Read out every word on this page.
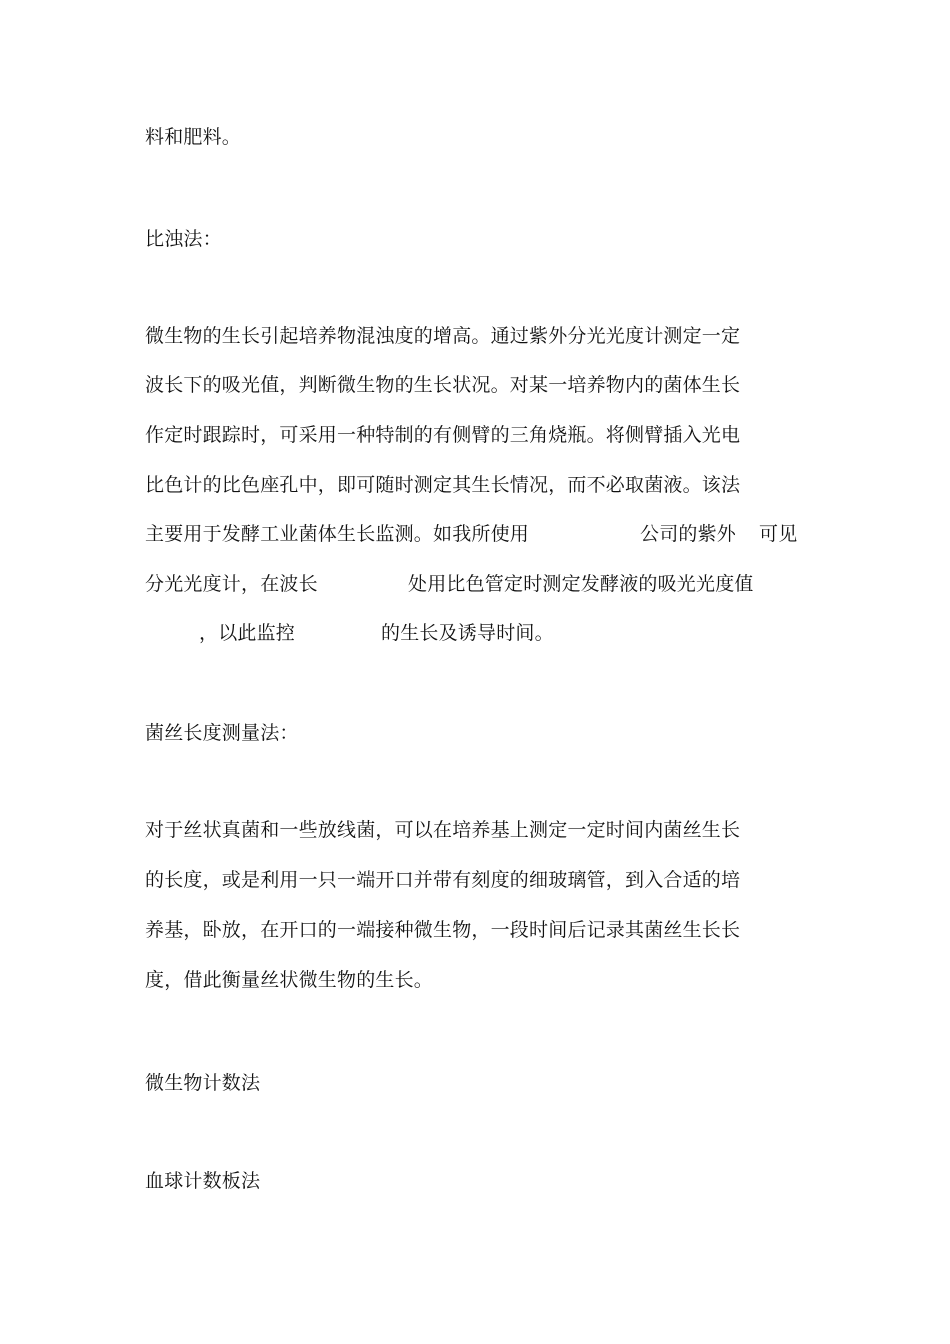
料和肥料。
比浊法：
微生物的生长引起培养物混浊度的增高。通过紫外分光光度计测定一定
波长下的吸光值，判断微生物的生长状况。对某一培养物内的菌体生长
作定时跟踪时，可采用一种特制的有侧臂的三角烧瓶。将侧臂插入光电
比色计的比色座孔中，即可随时测定其生长情况，而不必取菌液。该法

主要用于发酵工业菌体生长监测。如我所使用

	公司的紫外

可见

分光光度计，在波长

	处用比色管定时测定发酵液的吸光光度值

，以此监控

	的生长及诱导时间。

菌丝长度测量法：
对于丝状真菌和一些放线菌，可以在培养基上测定一定时间内菌丝生长
的长度，或是利用一只一端开口并带有刻度的细玻璃管，到入合适的培
养基，卧放，在开口的一端接种微生物，一段时间后记录其菌丝生长长
度，借此衡量丝状微生物的生长。
微生物计数法
血球计数板法
